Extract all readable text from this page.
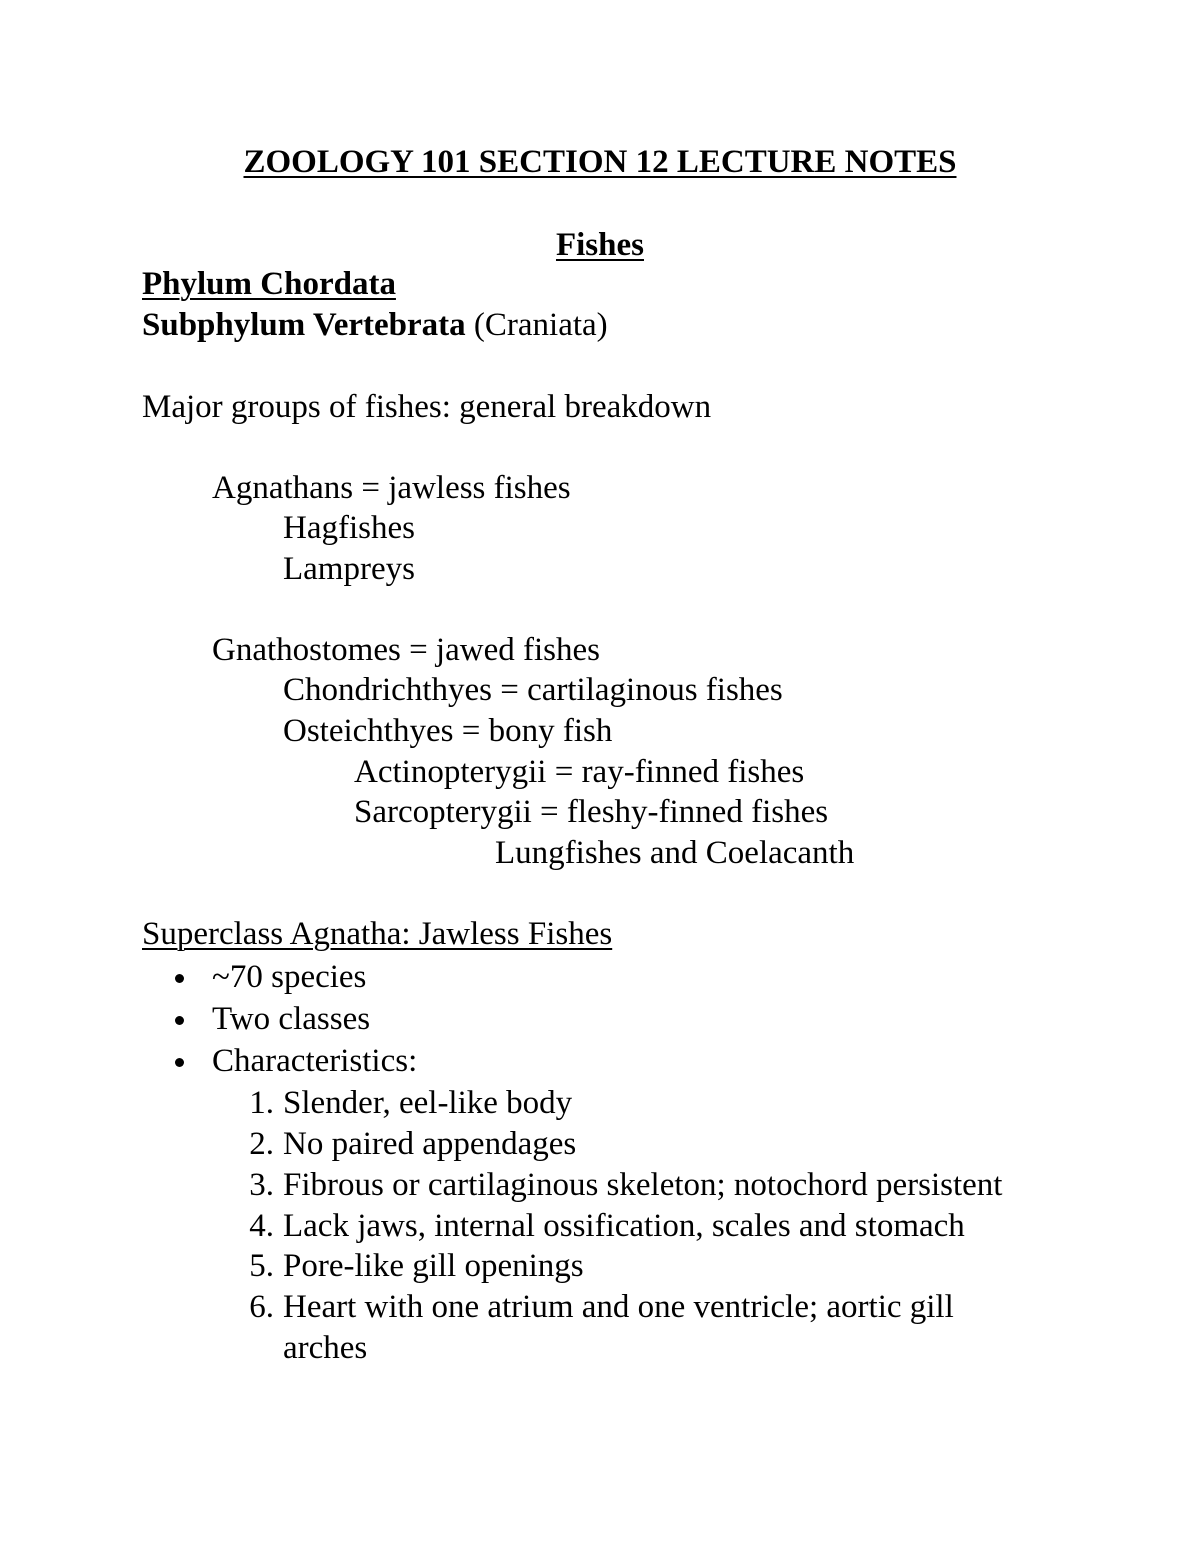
ZOOLOGY 101 SECTION 12 LECTURE NOTES

Fishes

Phylum Chordata

Subphylum Vertebrata (Craniata)

Major groups of fishes: general breakdown

Agnathans = jawless fishes

Hagfishes

Lampreys

Gnathostomes = jawed fishes

Chondrichthyes = cartilaginous fishes

Osteichthyes = bony fish

Actinopterygii = ray-finned fishes

Sarcopterygii = fleshy-finned fishes

Lungfishes and Coelacanth

Superclass Agnatha: Jawless Fishes

~70 species

Two classes

Characteristics:

1. Slender, eel-like body

2. No paired appendages

3. Fibrous or cartilaginous skeleton; notochord persistent

4. Lack jaws, internal ossification, scales and stomach

5. Pore-like gill openings

6. Heart with one atrium and one ventricle; aortic gill

arches
